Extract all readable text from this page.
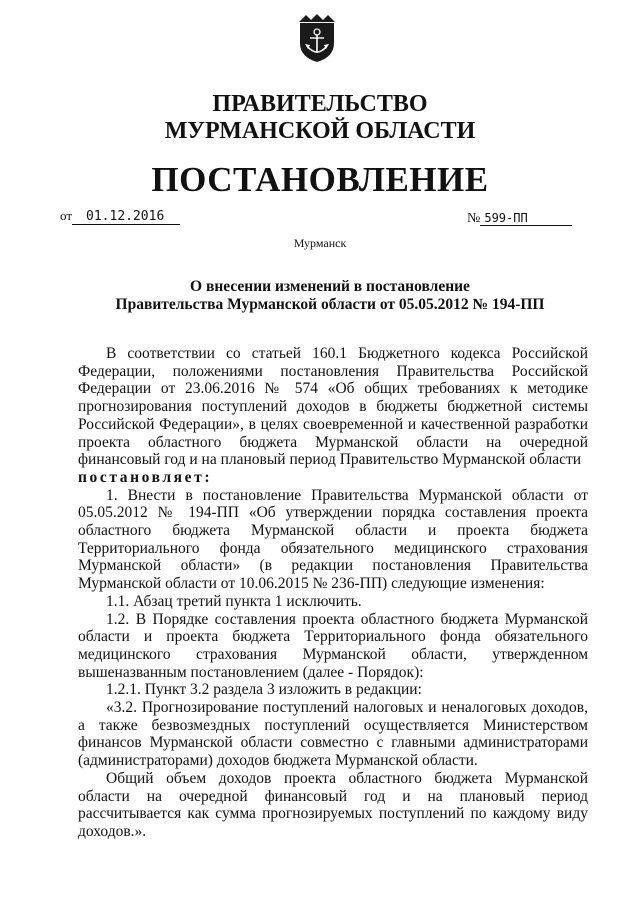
ПРАВИТЕЛЬСТВО
МУРМАНСКОЙ ОБЛАСТИ
ПОСТАНОВЛЕНИЕ
от 01.12.2016	№ 599-ПП
Мурманск
О внесении изменений в постановление
Правительства Мурманской области от 05.05.2012 № 194-ПП

В соответствии со статьей 160.1 Бюджетного кодекса Российской Федерации, положениями постановления Правительства Российской Федерации от 23.06.2016 № 574 «Об общих требованиях к методике прогнозирования поступлений доходов в бюджеты бюджетной системы Российской Федерации», в целях своевременной и качественной разработки проекта областного бюджета Мурманской области на очередной финансовый год и на плановый период Правительство Мурманской области

постановляет:

1. Внести в постановление Правительства Мурманской области от 05.05.2012 № 194-ПП «Об утверждении порядка составления проекта областного бюджета Мурманской области и проекта бюджета Территориального фонда обязательного медицинского страхования Мурманской области» (в редакции постановления Правительства Мурманской области от 10.06.2015 № 236-ПП) следующие изменения:

1.1. Абзац третий пункта 1 исключить.

1.2. В Порядке составления проекта областного бюджета Мурманской области и проекта бюджета Территориального фонда обязательного медицинского страхования Мурманской области, утвержденном вышеназванным постановлением (далее - Порядок):

1.2.1. Пункт 3.2 раздела 3 изложить в редакции:

«3.2. Прогнозирование поступлений налоговых и неналоговых доходов, а также безвозмездных поступлений осуществляется Министерством финансов Мурманской области совместно с главными администраторами (администраторами) доходов бюджета Мурманской области.

Общий объем доходов проекта областного бюджета Мурманской области на очередной финансовый год и на плановый период рассчитывается как сумма прогнозируемых поступлений по каждому виду доходов.».
